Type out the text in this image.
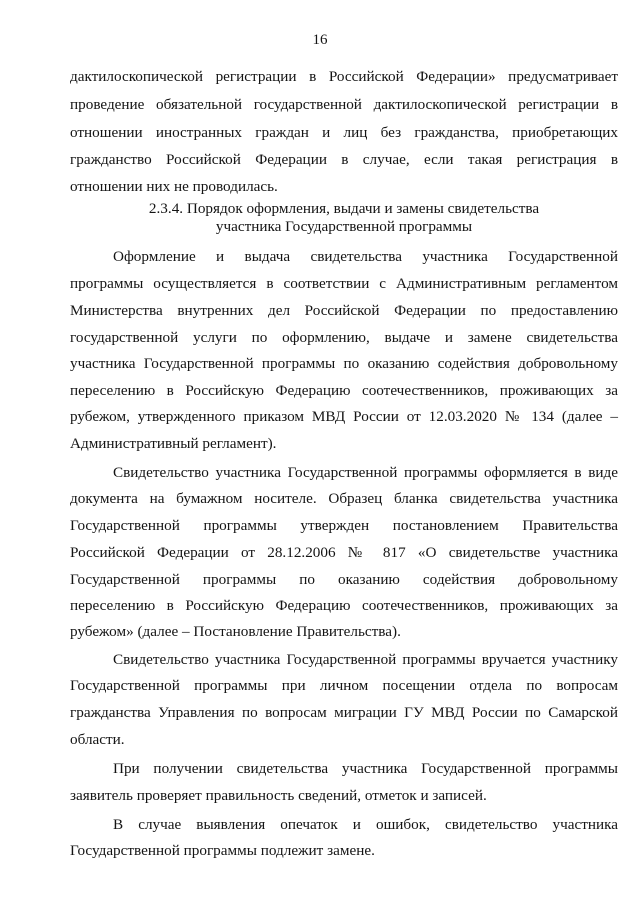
16
дактилоскопической регистрации в Российской Федерации» предусматривает
проведение обязательной государственной дактилоскопической регистрации в
отношении иностранных граждан и лиц без гражданства, приобретающих
гражданство Российской Федерации в случае, если такая регистрация в
отношении них не проводилась.
2.3.4. Порядок оформления, выдачи и замены свидетельства
участника Государственной программы
Оформление и выдача свидетельства участника Государственной
программы осуществляется в соответствии с Административным регламентом
Министерства внутренних дел Российской Федерации по предоставлению
государственной услуги по оформлению, выдаче и замене свидетельства
участника Государственной программы по оказанию содействия добровольному
переселению в Российскую Федерацию соотечественников, проживающих за
рубежом, утвержденного приказом МВД России от 12.03.2020 № 134 (далее –
Административный регламент).
Свидетельство участника Государственной программы оформляется в виде
документа на бумажном носителе. Образец бланка свидетельства участника
Государственной программы утвержден постановлением Правительства
Российской Федерации от 28.12.2006 № 817 «О свидетельстве участника
Государственной программы по оказанию содействия добровольному
переселению в Российскую Федерацию соотечественников, проживающих за
рубежом» (далее – Постановление Правительства).
Свидетельство участника Государственной программы вручается участнику
Государственной программы при личном посещении отдела по вопросам
гражданства Управления по вопросам миграции ГУ МВД России по Самарской
области.
При получении свидетельства участника Государственной программы
заявитель проверяет правильность сведений, отметок и записей.
В случае выявления опечаток и ошибок, свидетельство участника
Государственной программы подлежит замене.
